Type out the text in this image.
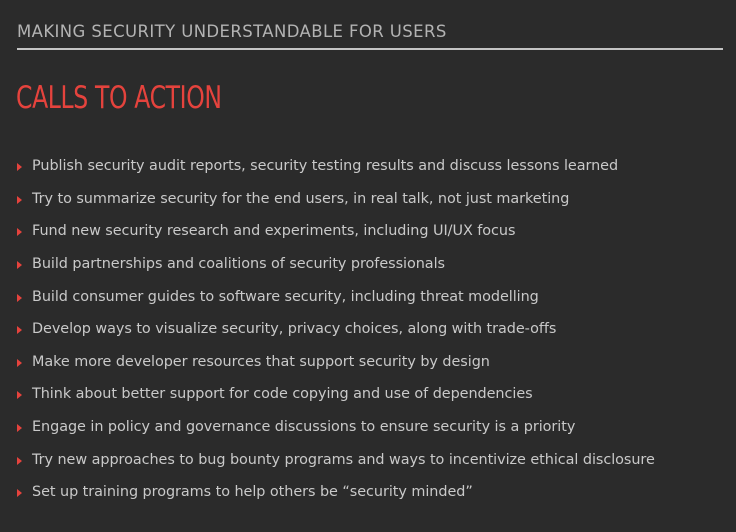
MAKING SECURITY UNDERSTANDABLE FOR USERS
CALLS TO ACTION
Publish security audit reports, security testing results and discuss lessons learned
Try to summarize security for the end users, in real talk, not just marketing
Fund new security research and experiments, including UI/UX focus
Build partnerships and coalitions of security professionals
Build consumer guides to software security, including threat modelling
Develop ways to visualize security, privacy choices, along with trade-offs
Make more developer resources that support security by design
Think about better support for code copying and use of dependencies
Engage in policy and governance discussions to ensure security is a priority
Try new approaches to bug bounty programs and ways to incentivize ethical disclosure
Set up training programs to help others be “security minded”
